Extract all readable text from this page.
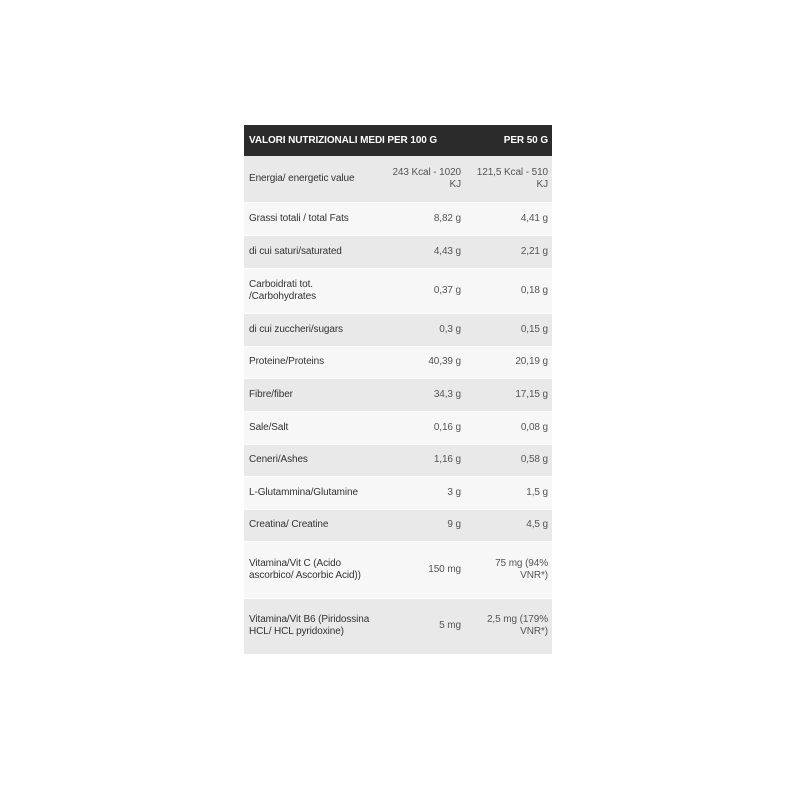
VALORI NUTRIZIONALI MEDI PER 100 G		PER 50 G
Energia/ energetic value	243 Kcal - 1020 KJ	121,5 Kcal - 510 KJ
Grassi totali / total Fats	8,82 g	4,41 g
di cui saturi/saturated	4,43 g	2,21 g
Carboidrati tot. /Carbohydrates	0,37 g	0,18 g
di cui zuccheri/sugars	0,3 g	0,15 g
Proteine/Proteins	40,39 g	20,19 g
Fibre/fiber	34,3 g	17,15 g
Sale/Salt	0,16 g	0,08 g
Ceneri/Ashes	1,16 g	0,58 g
L-Glutammina/Glutamine	3 g	1,5 g
Creatina/ Creatine	9 g	4,5 g
Vitamina/Vit C (Acido ascorbico/ Ascorbic Acid))	150 mg	75 mg (94% VNR*)
Vitamina/Vit B6 (Piridossina HCL/ HCL pyridoxine)	5 mg	2,5 mg (179% VNR*)
